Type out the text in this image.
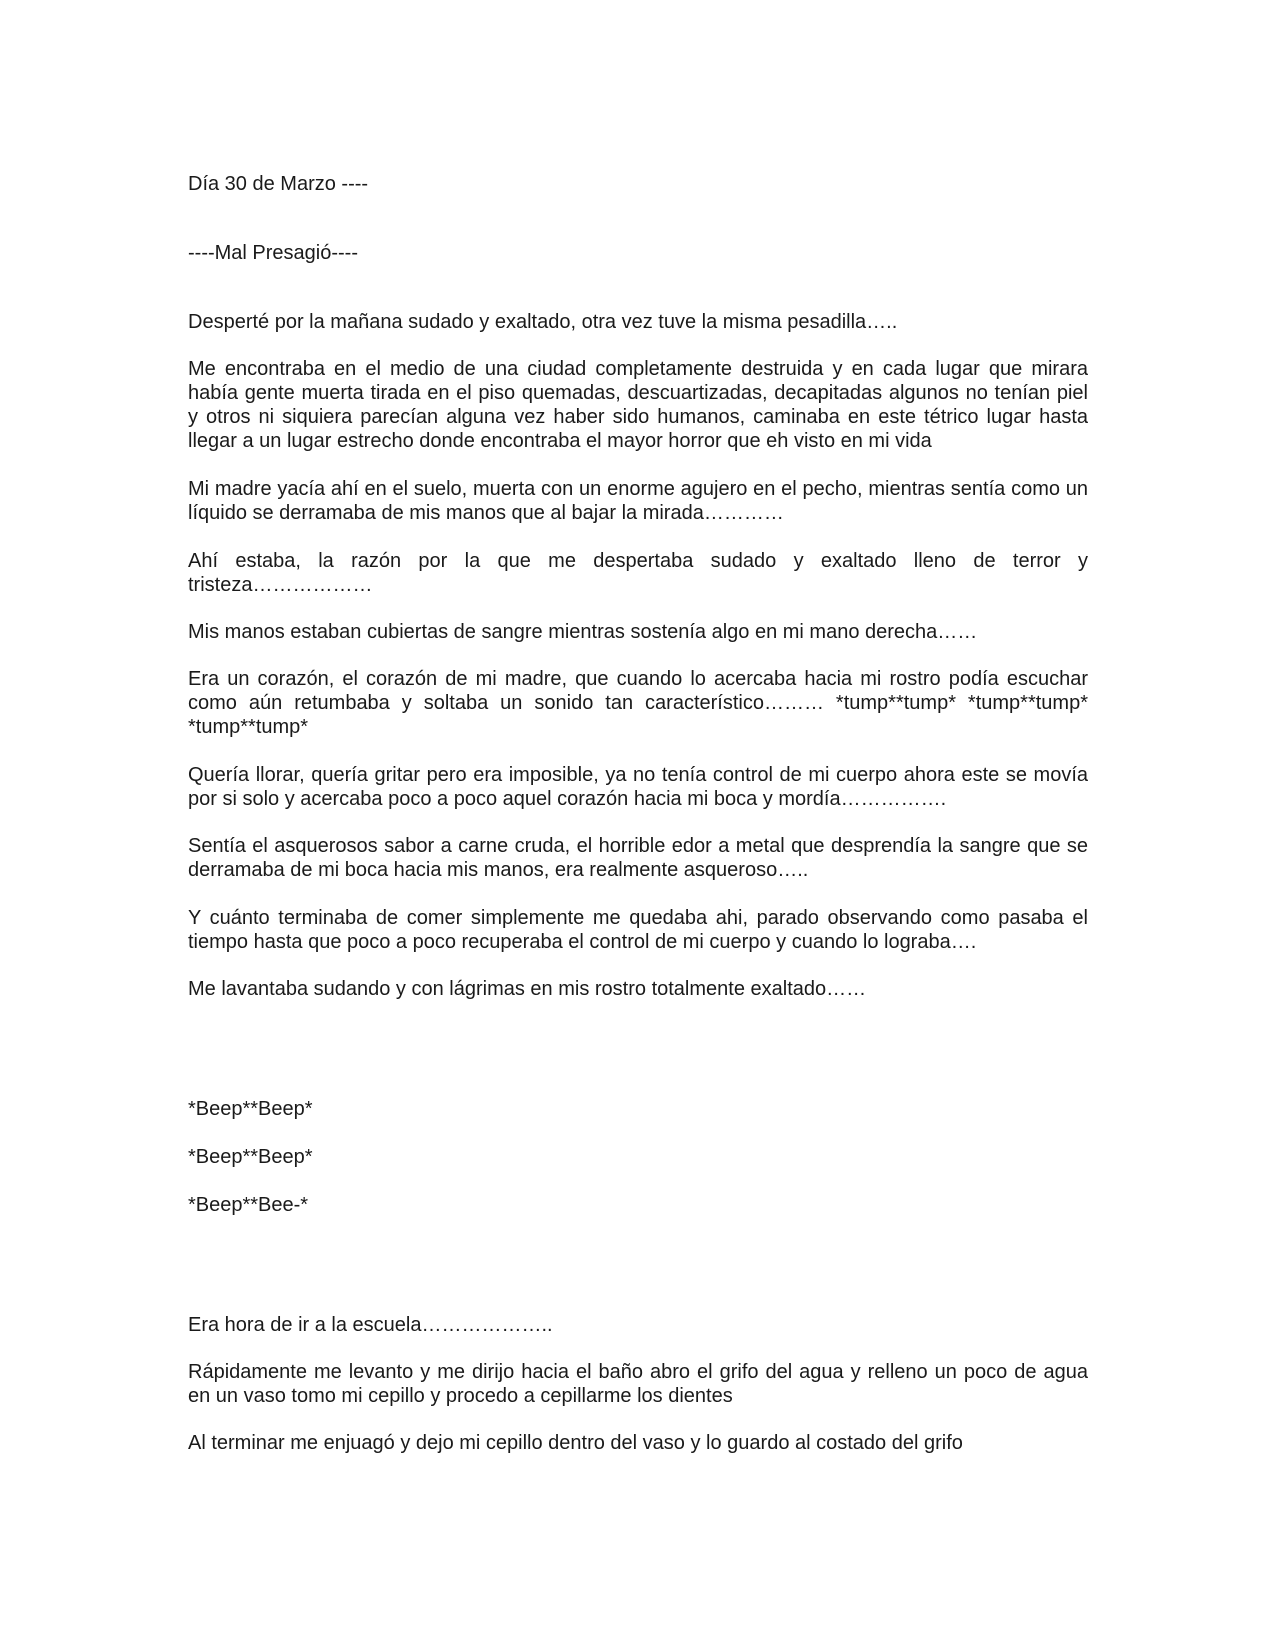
Día 30 de Marzo ----

----Mal Presagió----

Desperté por la mañana sudado y exaltado, otra vez tuve la misma pesadilla…..

Me encontraba en el medio de una ciudad completamente destruida y en cada lugar que mirara había gente muerta tirada en el piso quemadas, descuartizadas, decapitadas algunos no tenían piel y otros ni siquiera parecían alguna vez haber sido humanos, caminaba en este tétrico lugar hasta llegar a un lugar estrecho donde encontraba el mayor horror que eh visto en mi vida

Mi madre yacía ahí en el suelo, muerta con un enorme agujero en el pecho, mientras sentía como un líquido se derramaba de mis manos que al bajar la mirada…………

Ahí estaba, la razón por la que me despertaba sudado y exaltado lleno de terror y tristeza………………

Mis manos estaban cubiertas de sangre mientras sostenía algo en mi mano derecha……

Era un corazón, el corazón de mi madre, que cuando lo acercaba hacia mi rostro podía escuchar como aún retumbaba y soltaba un sonido tan característico……… *tump**tump* *tump**tump* *tump**tump*

Quería llorar, quería gritar pero era imposible, ya no tenía control de mi cuerpo ahora este se movía por si solo y acercaba poco a poco aquel corazón hacia mi boca y mordía…………….

Sentía el asquerosos sabor a carne cruda, el horrible edor a metal que desprendía la sangre que se derramaba de mi boca hacia mis manos, era realmente asqueroso…..

Y cuánto terminaba de comer simplemente me quedaba ahi, parado observando como pasaba el tiempo hasta que poco a poco recuperaba el control de mi cuerpo y cuando lo lograba….

Me lavantaba sudando y con lágrimas en mis rostro totalmente exaltado……

*Beep**Beep*

*Beep**Beep*

*Beep**Bee-*

Era hora de ir a la escuela………………..

Rápidamente me levanto y me dirijo hacia el baño abro el grifo del agua y relleno un poco de agua en un vaso tomo mi cepillo y procedo a cepillarme los dientes

Al terminar me enjuagó y dejo mi cepillo dentro del vaso y lo guardo al costado del grifo
